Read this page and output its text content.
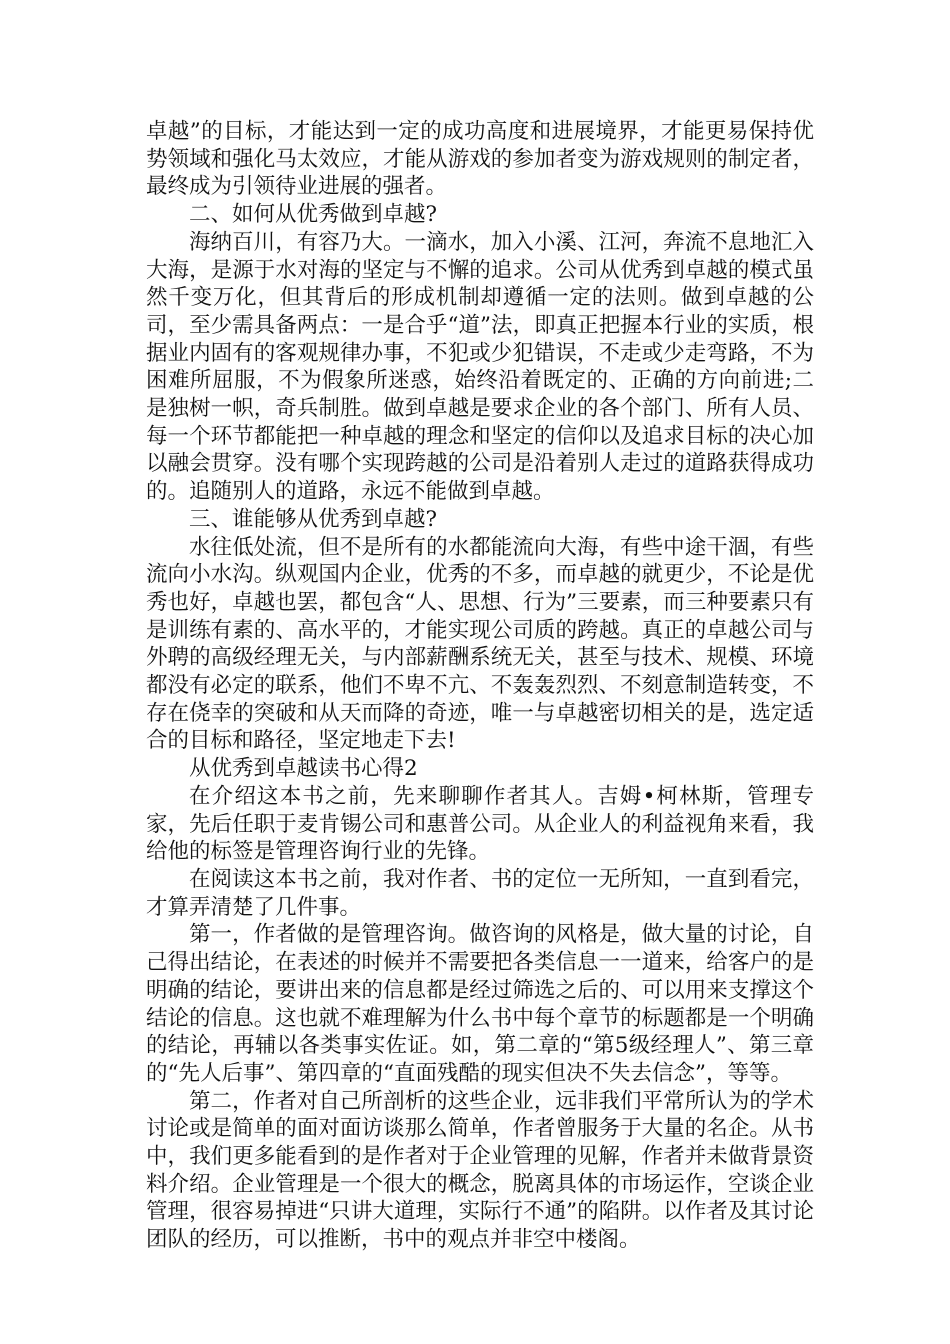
卓越”的目标，才能达到一定的成功高度和进展境界，才能更易保持优势领域和强化马太效应，才能从游戏的参加者变为游戏规则的制定者，最终成为引领待业进展的强者。

二、如何从优秀做到卓越?

海纳百川，有容乃大。一滴水，加入小溪、江河，奔流不息地汇入大海，是源于水对海的坚定与不懈的追求。公司从优秀到卓越的模式虽然千变万化，但其背后的形成机制却遵循一定的法则。做到卓越的公司，至少需具备两点：一是合乎“道”法，即真正把握本行业的实质，根据业内固有的客观规律办事，不犯或少犯错误，不走或少走弯路，不为困难所屈服，不为假象所迷惑，始终沿着既定的、正确的方向前进;二是独树一帜，奇兵制胜。做到卓越是要求企业的各个部门、所有人员、每一个环节都能把一种卓越的理念和坚定的信仰以及追求目标的决心加以融会贯穿。没有哪个实现跨越的公司是沿着别人走过的道路获得成功的。追随别人的道路，永远不能做到卓越。

三、谁能够从优秀到卓越?

水往低处流，但不是所有的水都能流向大海，有些中途干涸，有些流向小水沟。纵观国内企业，优秀的不多，而卓越的就更少，不论是优秀也好，卓越也罢，都包含“人、思想、行为”三要素，而三种要素只有是训练有素的、高水平的，才能实现公司质的跨越。真正的卓越公司与外聘的高级经理无关，与内部薪酬系统无关，甚至与技术、规模、环境都没有必定的联系，他们不卑不亢、不轰轰烈烈、不刻意制造转变，不存在侥幸的突破和从天而降的奇迹，唯一与卓越密切相关的是，选定适合的目标和路径，坚定地走下去!

从优秀到卓越读书心得2

在介绍这本书之前，先来聊聊作者其人。吉姆•柯林斯，管理专家，先后任职于麦肯锡公司和惠普公司。从企业人的利益视角来看，我给他的标签是管理咨询行业的先锋。

在阅读这本书之前，我对作者、书的定位一无所知，一直到看完，才算弄清楚了几件事。

第一，作者做的是管理咨询。做咨询的风格是，做大量的讨论，自己得出结论，在表述的时候并不需要把各类信息一一道来，给客户的是明确的结论，要讲出来的信息都是经过筛选之后的、可以用来支撑这个结论的信息。这也就不难理解为什么书中每个章节的标题都是一个明确的结论，再辅以各类事实佐证。如，第二章的“第5级经理人”、第三章的“先人后事”、第四章的“直面残酷的现实但决不失去信念”，等等。

第二，作者对自己所剖析的这些企业，远非我们平常所认为的学术讨论或是简单的面对面访谈那么简单，作者曾服务于大量的名企。从书中，我们更多能看到的是作者对于企业管理的见解，作者并未做背景资料介绍。企业管理是一个很大的概念，脱离具体的市场运作，空谈企业管理，很容易掉进“只讲大道理，实际行不通”的陷阱。以作者及其讨论团队的经历，可以推断，书中的观点并非空中楼阁。
